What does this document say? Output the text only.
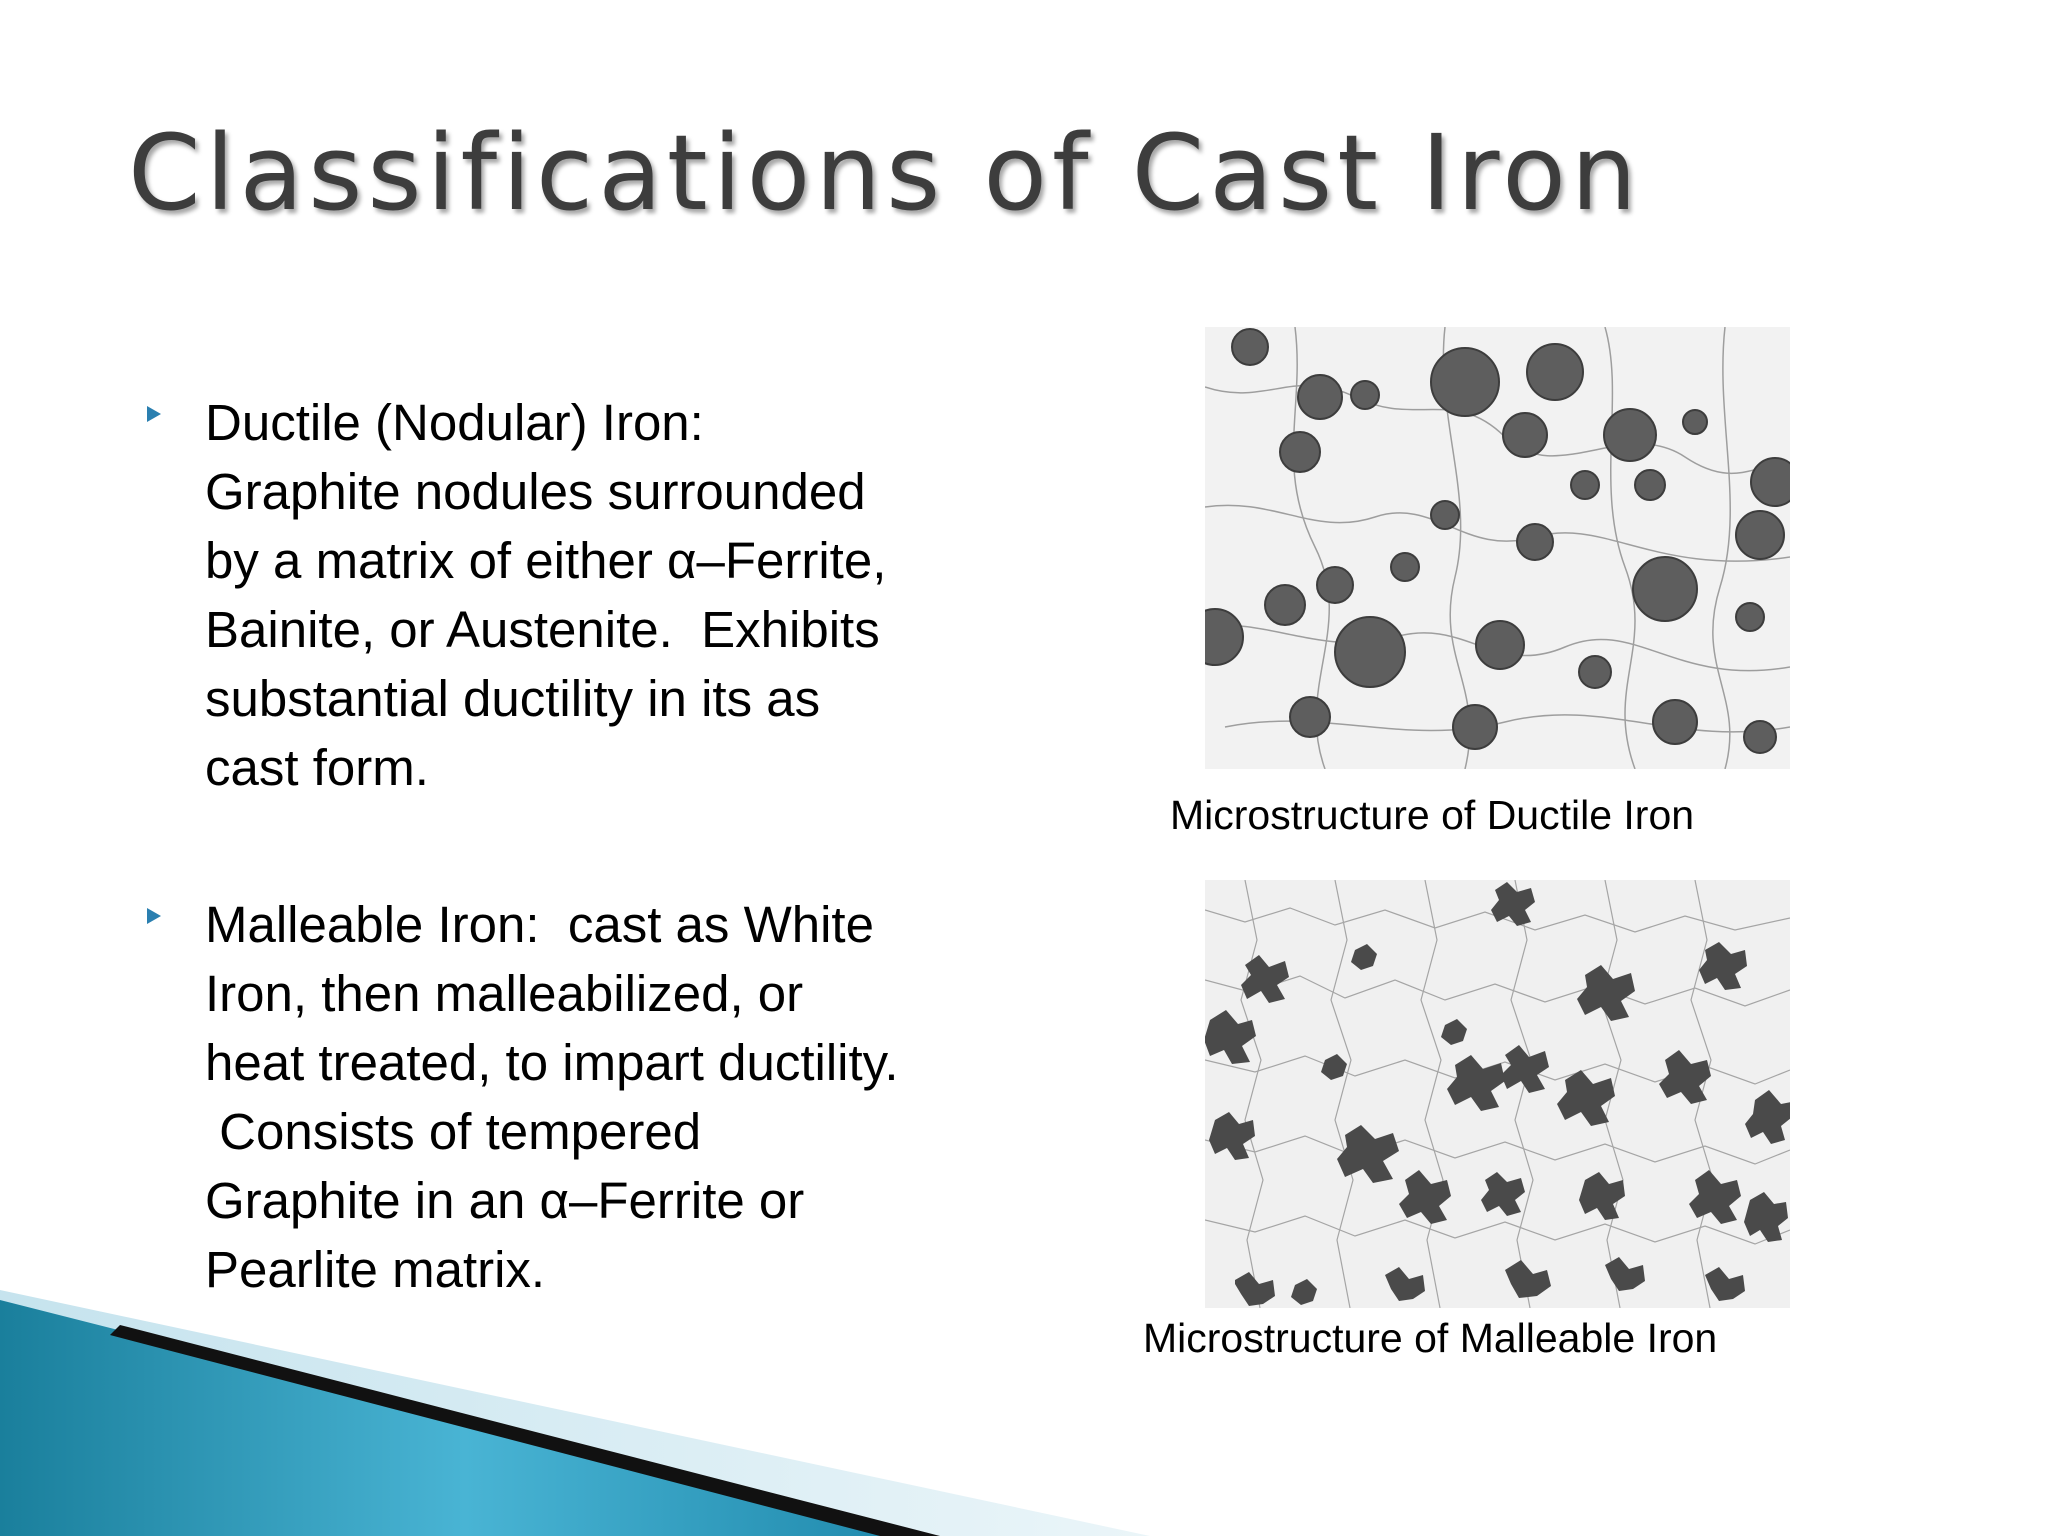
Classifications of Cast Iron
Ductile (Nodular) Iron:
Graphite nodules surrounded
by a matrix of either α–Ferrite,
Bainite, or Austenite.  Exhibits
substantial ductility in its as
cast form.
Malleable Iron:  cast as White
Iron, then malleabilized, or
heat treated, to impart ductility.
Consists of tempered
Graphite in an α–Ferrite or
Pearlite matrix.
Microstructure of Ductile Iron
Microstructure of Malleable Iron
